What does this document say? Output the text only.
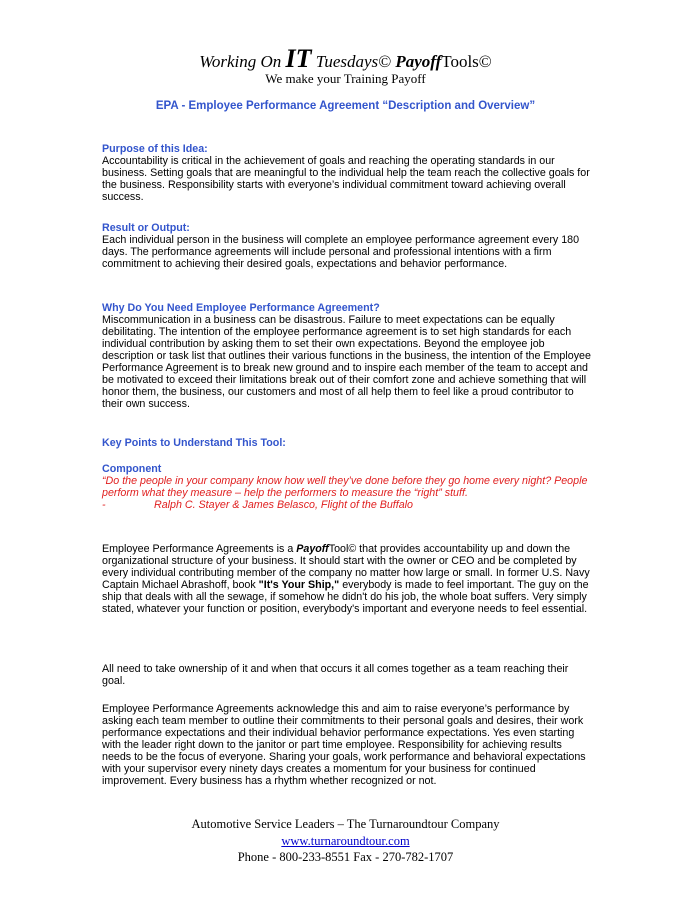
Working On IT Tuesdays© PayoffTools©
We make your Training Payoff
EPA - Employee Performance Agreement “Description and Overview”

Purpose of this Idea:

Accountability is critical in the achievement of goals and reaching the operating standards in our business. Setting goals that are meaningful to the individual help the team reach the collective goals for the business. Responsibility starts with everyone’s individual commitment toward achieving overall success.

Result or Output:

Each individual person in the business will complete an employee performance agreement every 180 days. The performance agreements will include personal and professional intentions with a firm commitment to achieving their desired goals, expectations and behavior performance.

Why Do You Need Employee Performance Agreement?

Miscommunication in a business can be disastrous. Failure to meet expectations can be equally debilitating. The intention of the employee performance agreement is to set high standards for each individual contribution by asking them to set their own expectations. Beyond the employee job description or task list that outlines their various functions in the business, the intention of the Employee Performance Agreement is to break new ground and to inspire each member of the team to accept and be motivated to exceed their limitations break out of their comfort zone and achieve something that will honor them, the business, our customers and most of all help them to feel like a proud contributor to their own success.

Key Points to Understand This Tool:

Component

“Do the people in your company know how well they’ve done before they go home every night? People perform what they measure – help the performers to measure the “right” stuff.

-	Ralph C. Stayer & James Belasco, Flight of the Buffalo

Employee Performance Agreements is a PayoffTool© that provides accountability up and down the organizational structure of your business. It should start with the owner or CEO and be completed by every individual contributing member of the company no matter how large or small. In former U.S. Navy Captain Michael Abrashoff, book "It's Your Ship," everybody is made to feel important. The guy on the ship that deals with all the sewage, if somehow he didn't do his job, the whole boat suffers. Very simply stated, whatever your function or position, everybody's important and everyone needs to feel essential.

All need to take ownership of it and when that occurs it all comes together as a team reaching their goal.

Employee Performance Agreements acknowledge this and aim to raise everyone’s performance by asking each team member to outline their commitments to their personal goals and desires, their work performance expectations and their individual behavior performance expectations. Yes even starting with the leader right down to the janitor or part time employee. Responsibility for achieving results needs to be the focus of everyone. Sharing your goals, work performance and behavioral expectations with your supervisor every ninety days creates a momentum for your business for continued improvement. Every business has a rhythm whether recognized or not.

Automotive Service Leaders – The Turnaroundtour Company
www.turnaroundtour.com
Phone - 800-233-8551 Fax - 270-782-1707
